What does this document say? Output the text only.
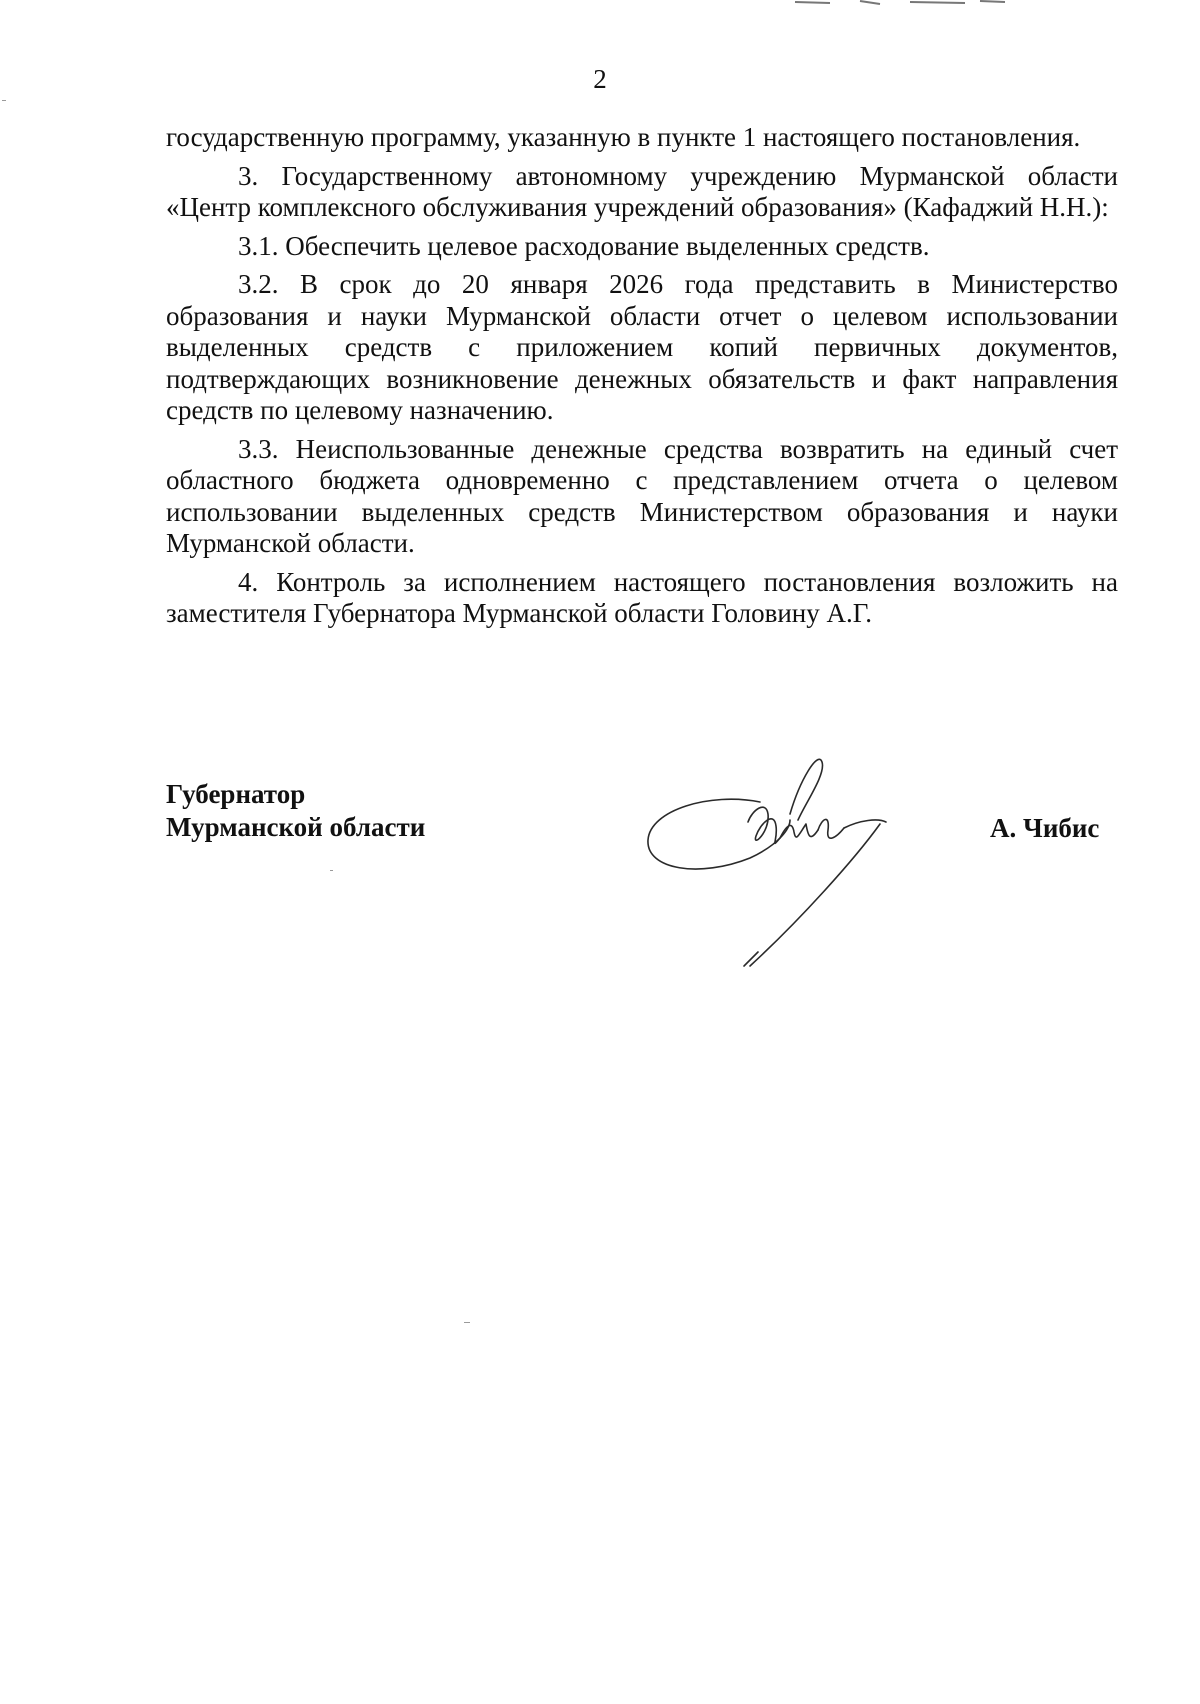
2

государственную программу, указанную в пункте 1 настоящего постановления.

3. Государственному автономному учреждению Мурманской области «Центр комплексного обслуживания учреждений образования» (Кафаджий Н.Н.):

3.1. Обеспечить целевое расходование выделенных средств.

3.2. В срок до 20 января 2026 года представить в Министерство образования и науки Мурманской области отчет о целевом использовании выделенных средств с приложением копий первичных документов, подтверждающих возникновение денежных обязательств и факт направления средств по целевому назначению.

3.3. Неиспользованные денежные средства возвратить на единый счет областного бюджета одновременно с представлением отчета о целевом использовании выделенных средств Министерством образования и науки Мурманской области.

4. Контроль за исполнением настоящего постановления возложить на заместителя Губернатора Мурманской области Головину А.Г.

Губернатор
Мурманской области	А. Чибис
